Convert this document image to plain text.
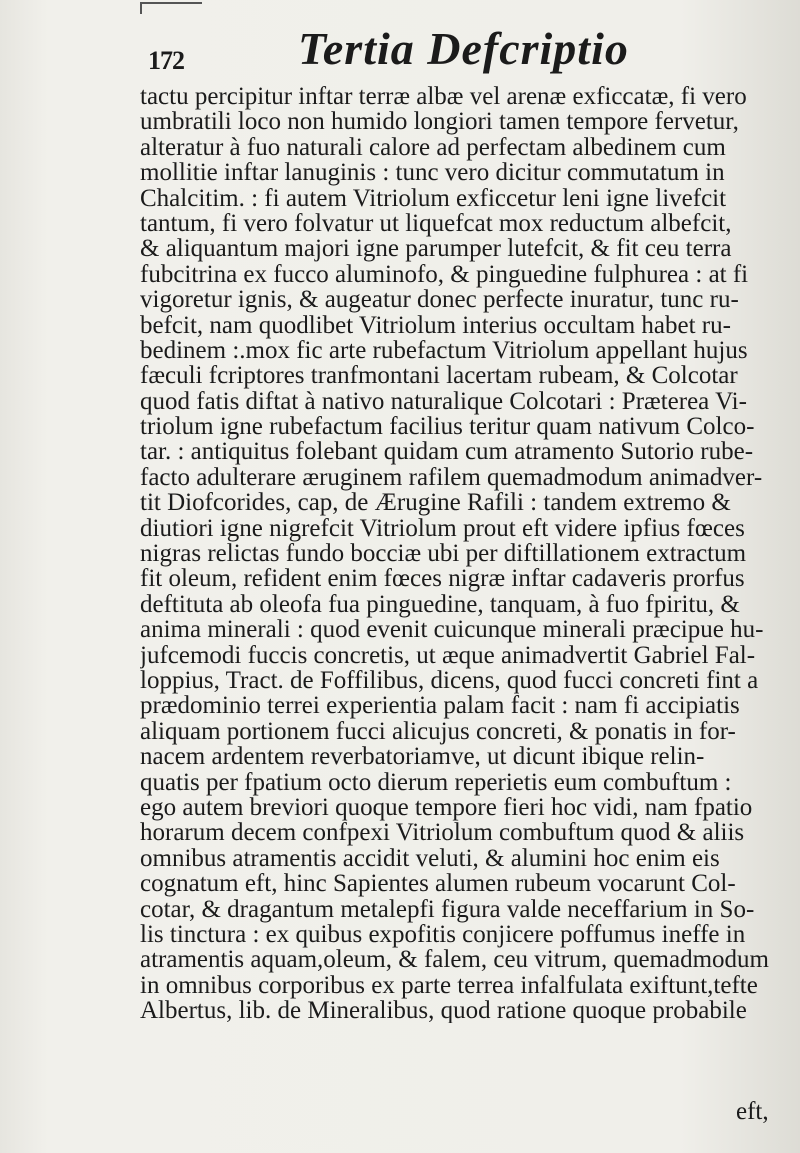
172 Tertia Defcriptio
tactu percipitur inftar terræ albæ vel arenæ exficcatæ, fi vero
umbratili loco non humido longiori tamen tempore fervetur,
alteratur à fuo naturali calore ad perfectam albedinem cum
mollitie inftar lanuginis : tunc vero dicitur commutatum in
Chalcitim. : fi autem Vitriolum exficcetur leni igne livefcit
tantum, fi vero folvatur ut liquefcat mox reductum albefcit,
& aliquantum majori igne parumper lutefcit, & fit ceu terra
fubcitrina ex fucco aluminofo, & pinguedine fulphurea : at fi
vigoretur ignis, & augeatur donec perfecte inuratur, tunc ru-
befcit, nam quodlibet Vitriolum interius occultam habet ru-
bedinem :.mox fic arte rubefactum Vitriolum appellant hujus
fæculi fcriptores tranfmontani lacertam rubeam, & Colcotar
quod fatis diftat à nativo naturalique Colcotari : Præterea Vi-
triolum igne rubefactum facilius teritur quam nativum Colco-
tar. : antiquitus folebant quidam cum atramento Sutorio rube-
facto adulterare æruginem rafilem quemadmodum animadver-
tit Diofcorides, cap, de Ærugine Rafili : tandem extremo &
diutiori igne nigrefcit Vitriolum prout eft videre ipfius fœces
nigras relictas fundo bocciæ ubi per diftillationem extractum
fit oleum, refident enim fœces nigræ inftar cadaveris prorfus
deftituta ab oleofa fua pinguedine, tanquam, à fuo fpiritu, &
anima minerali : quod evenit cuicunque minerali præcipue hu-
jufcemodi fuccis concretis, ut æque animadvertit Gabriel Fal-
loppius, Tract. de Foffilibus, dicens, quod fucci concreti fint a
prædominio terrei experientia palam facit : nam fi accipiatis
aliquam portionem fucci alicujus concreti, & ponatis in for-
nacem ardentem reverbatoriamve, ut dicunt ibique relin-
quatis per fpatium octo dierum reperietis eum combuftum :
ego autem breviori quoque tempore fieri hoc vidi, nam fpatio
horarum decem confpexi Vitriolum combuftum quod & aliis
omnibus atramentis accidit veluti, & alumini hoc enim eis
cognatum eft, hinc Sapientes alumen rubeum vocarunt Col-
cotar, & dragantum metalepfi figura valde neceffarium in So-
lis tinctura : ex quibus expofitis conjicere poffumus ineffe in
atramentis aquam,oleum, & falem, ceu vitrum, quemadmodum
in omnibus corporibus ex parte terrea infalfulata exiftunt,tefte
Albertus, lib. de Mineralibus, quod ratione quoque probabile
eft,
